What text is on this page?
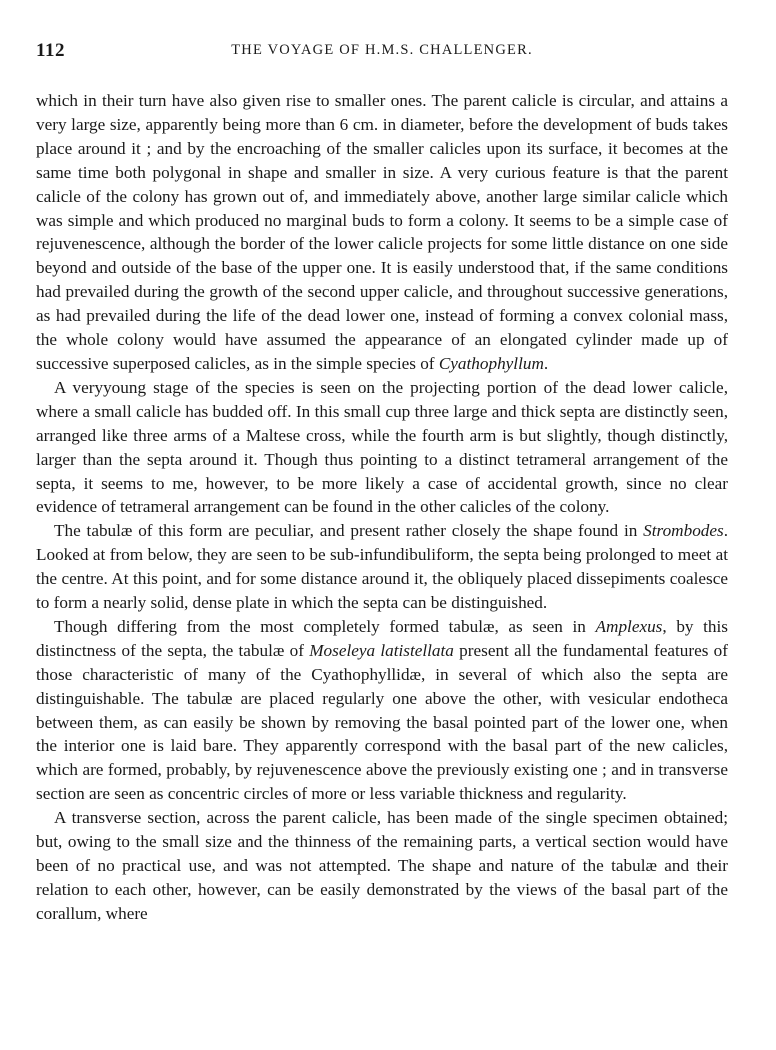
112	THE VOYAGE OF H.M.S. CHALLENGER.

which in their turn have also given rise to smaller ones. The parent calicle is circular, and attains a very large size, apparently being more than 6 cm. in diameter, before the development of buds takes place around it ; and by the encroaching of the smaller calicles upon its surface, it becomes at the same time both polygonal in shape and smaller in size. A very curious feature is that the parent calicle of the colony has grown out of, and immediately above, another large similar calicle which was simple and which produced no marginal buds to form a colony. It seems to be a simple case of rejuvenescence, although the border of the lower calicle projects for some little distance on one side beyond and outside of the base of the upper one. It is easily understood that, if the same conditions had prevailed during the growth of the second upper calicle, and throughout successive generations, as had prevailed during the life of the dead lower one, instead of forming a convex colonial mass, the whole colony would have assumed the appearance of an elongated cylinder made up of successive superposed calicles, as in the simple species of Cyathophyllum.

A veryyoung stage of the species is seen on the projecting portion of the dead lower calicle, where a small calicle has budded off. In this small cup three large and thick septa are distinctly seen, arranged like three arms of a Maltese cross, while the fourth arm is but slightly, though distinctly, larger than the septa around it. Though thus pointing to a distinct tetrameral arrangement of the septa, it seems to me, however, to be more likely a case of accidental growth, since no clear evidence of tetrameral arrangement can be found in the other calicles of the colony.

The tabulæ of this form are peculiar, and present rather closely the shape found in Strombodes. Looked at from below, they are seen to be sub-infundibuliform, the septa being prolonged to meet at the centre. At this point, and for some distance around it, the obliquely placed dissepiments coalesce to form a nearly solid, dense plate in which the septa can be distinguished.

Though differing from the most completely formed tabulæ, as seen in Amplexus, by this distinctness of the septa, the tabulæ of Moseleya latistellata present all the fundamental features of those characteristic of many of the Cyathophyllidæ, in several of which also the septa are distinguishable. The tabulæ are placed regularly one above the other, with vesicular endotheca between them, as can easily be shown by removing the basal pointed part of the lower one, when the interior one is laid bare. They apparently correspond with the basal part of the new calicles, which are formed, probably, by rejuvenescence above the previously existing one ; and in transverse section are seen as concentric circles of more or less variable thickness and regularity.

A transverse section, across the parent calicle, has been made of the single specimen obtained; but, owing to the small size and the thinness of the remaining parts, a vertical section would have been of no practical use, and was not attempted. The shape and nature of the tabulæ and their relation to each other, however, can be easily demonstrated by the views of the basal part of the corallum, where
